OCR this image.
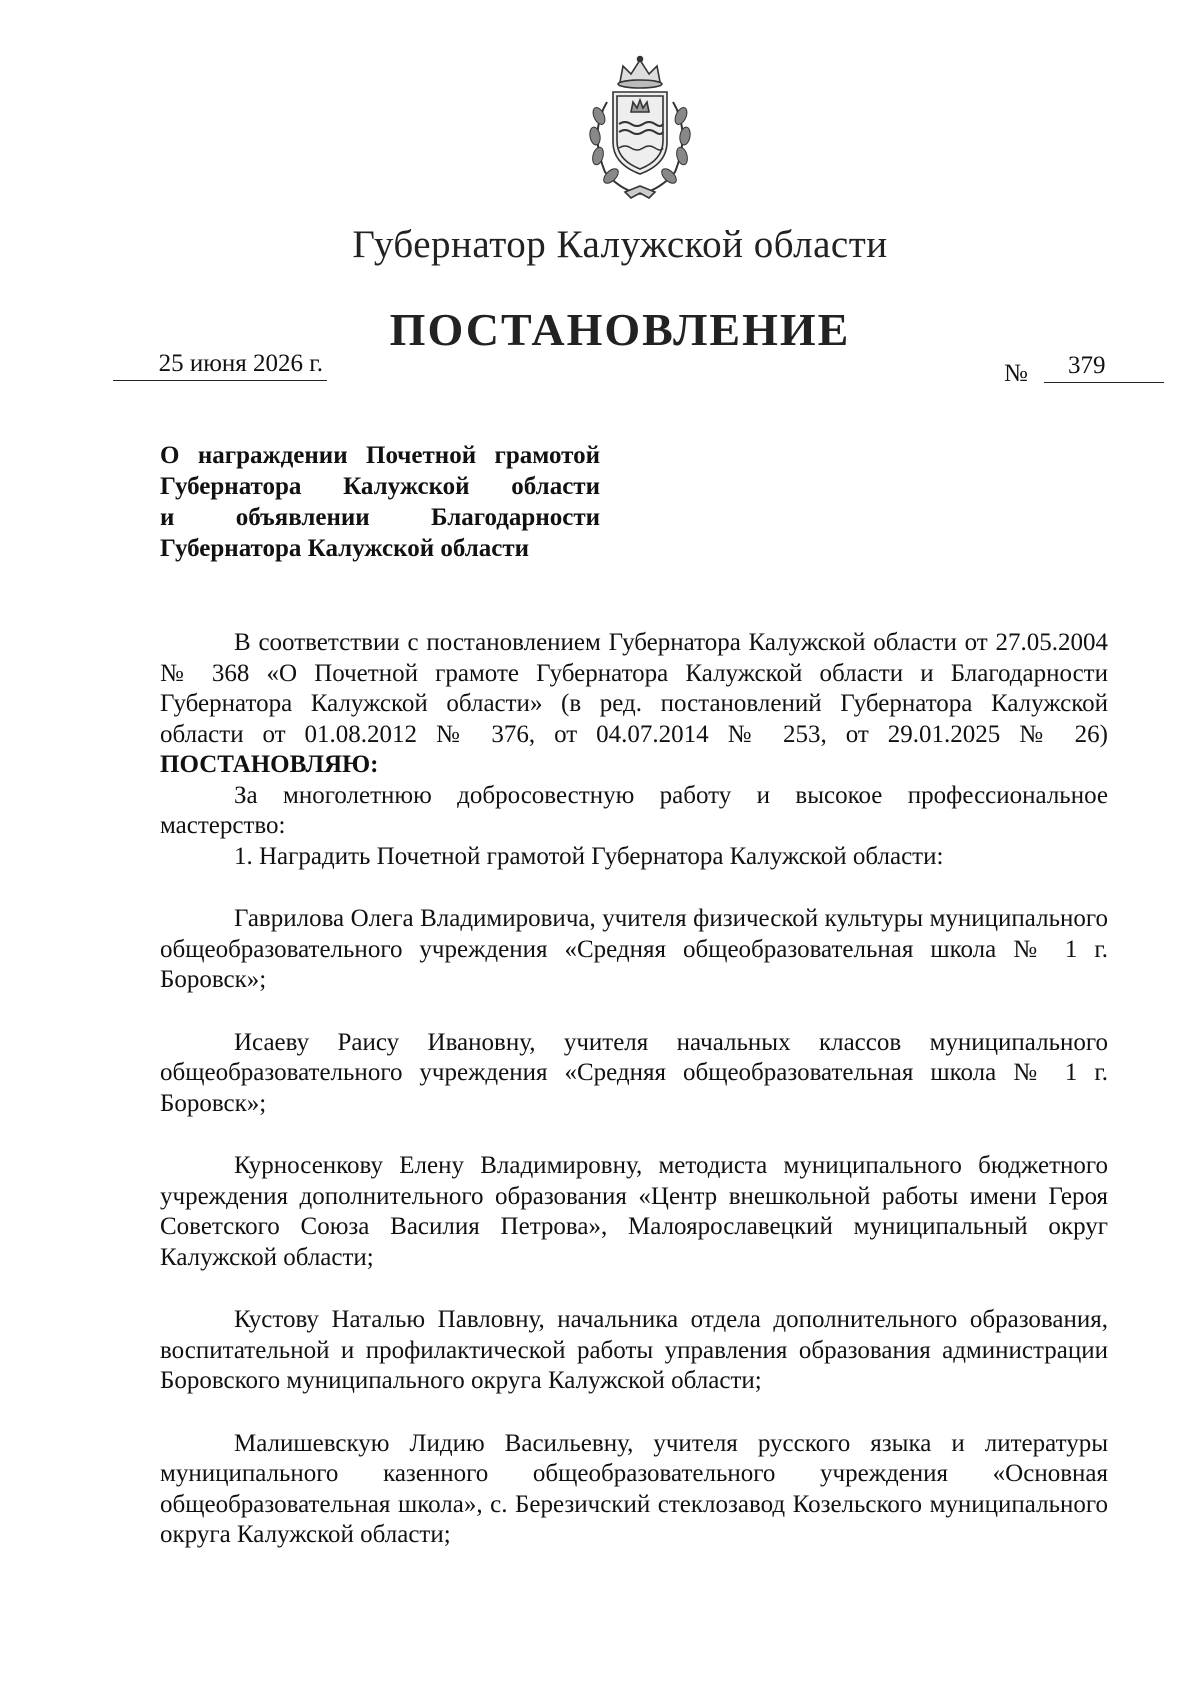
Губернатор Калужской области
ПОСТАНОВЛЕНИЕ
25 июня 2026 г.	№ 379
О награждении Почетной грамотой
Губернатора Калужской области
и объявлении Благодарности
Губернатора Калужской области

В соответствии с постановлением Губернатора Калужской области от 27.05.2004 № 368 «О Почетной грамоте Губернатора Калужской области и Благодарности Губернатора Калужской области» (в ред. постановлений Губернатора Калужской области от 01.08.2012 № 376, от 04.07.2014 № 253, от 29.01.2025 № 26) ПОСТАНОВЛЯЮ:

За многолетнюю добросовестную работу и высокое профессиональное мастерство:

1. Наградить Почетной грамотой Губернатора Калужской области:

Гаврилова Олега Владимировича, учителя физической культуры муниципального общеобразовательного учреждения «Средняя общеобразовательная школа № 1 г. Боровск»;

Исаеву Раису Ивановну, учителя начальных классов муниципального общеобразовательного учреждения «Средняя общеобразовательная школа № 1 г. Боровск»;

Курносенкову Елену Владимировну, методиста муниципального бюджетного учреждения дополнительного образования «Центр внешкольной работы имени Героя Советского Союза Василия Петрова», Малоярославецкий муниципальный округ Калужской области;

Кустову Наталью Павловну, начальника отдела дополнительного образования, воспитательной и профилактической работы управления образования администрации Боровского муниципального округа Калужской области;

Малишевскую Лидию Васильевну, учителя русского языка и литературы муниципального казенного общеобразовательного учреждения «Основная общеобразовательная школа», с. Березичский стеклозавод Козельского муниципального округа Калужской области;
